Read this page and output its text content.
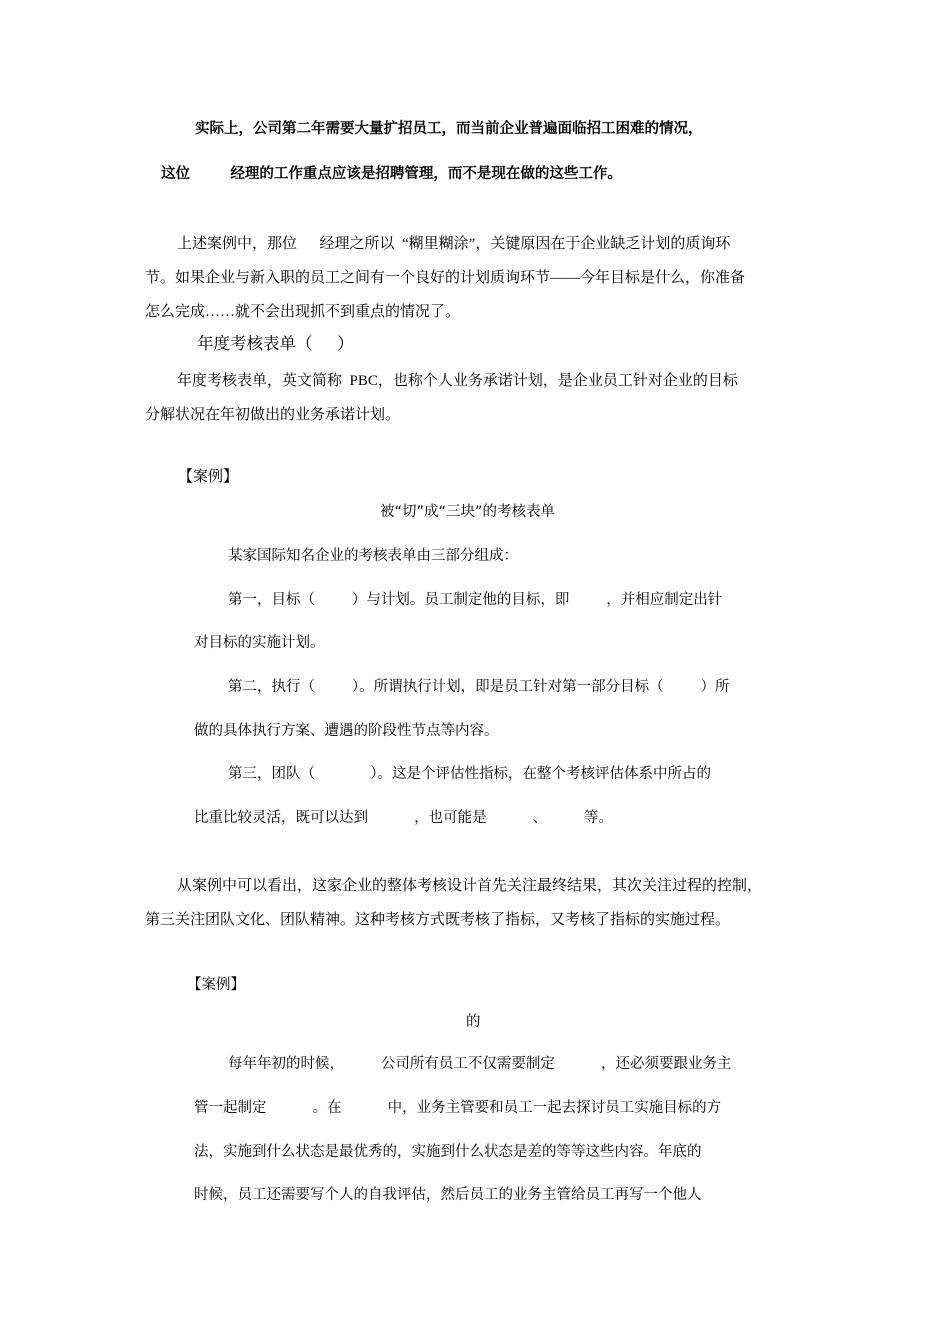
实际上，公司第二年需要大量扩招员工，而当前企业普遍面临招工困难的情况，
这位        经理的工作重点应该是招聘管理，而不是现在做的这些工作。
上述案例中，那位      经理之所以  “糊里糊涂”，关键原因在于企业缺乏计划的质询环
节。如果企业与新入职的员工之间有一个良好的计划质询环节——今年目标是什么，你准备
怎么完成……就不会出现抓不到重点的情况了。
年度考核表单（      ）
年度考核表单，英文简称  PBC，也称个人业务承诺计划，是企业员工针对企业的目标
分解状况在年初做出的业务承诺计划。
【案例】
被“切”成“三块”的考核表单
某家国际知名企业的考核表单由三部分组成：
第一，目标（        ）与计划。员工制定他的目标，即        ，并相应制定出针
对目标的实施计划。
第二，执行（        ）。所谓执行计划，即是员工针对第一部分目标（        ）所
做的具体执行方案、遭遇的阶段性节点等内容。
第三，团队（            ）。这是个评估性指标，在整个考核评估体系中所占的
比重比较灵活，既可以达到          ，也可能是          、        等。
从案例中可以看出，这家企业的整体考核设计首先关注最终结果，其次关注过程的控制，
第三关注团队文化、团队精神。这种考核方式既考核了指标，又考核了指标的实施过程。
【案例】
的
每年年初的时候，        公司所有员工不仅需要制定          ，还必须要跟业务主
管一起制定          。在          中，业务主管要和员工一起去探讨员工实施目标的方
法，实施到什么状态是最优秀的，实施到什么状态是差的等等这些内容。年底的
时候，员工还需要写个人的自我评估，然后员工的业务主管给员工再写一个他人
